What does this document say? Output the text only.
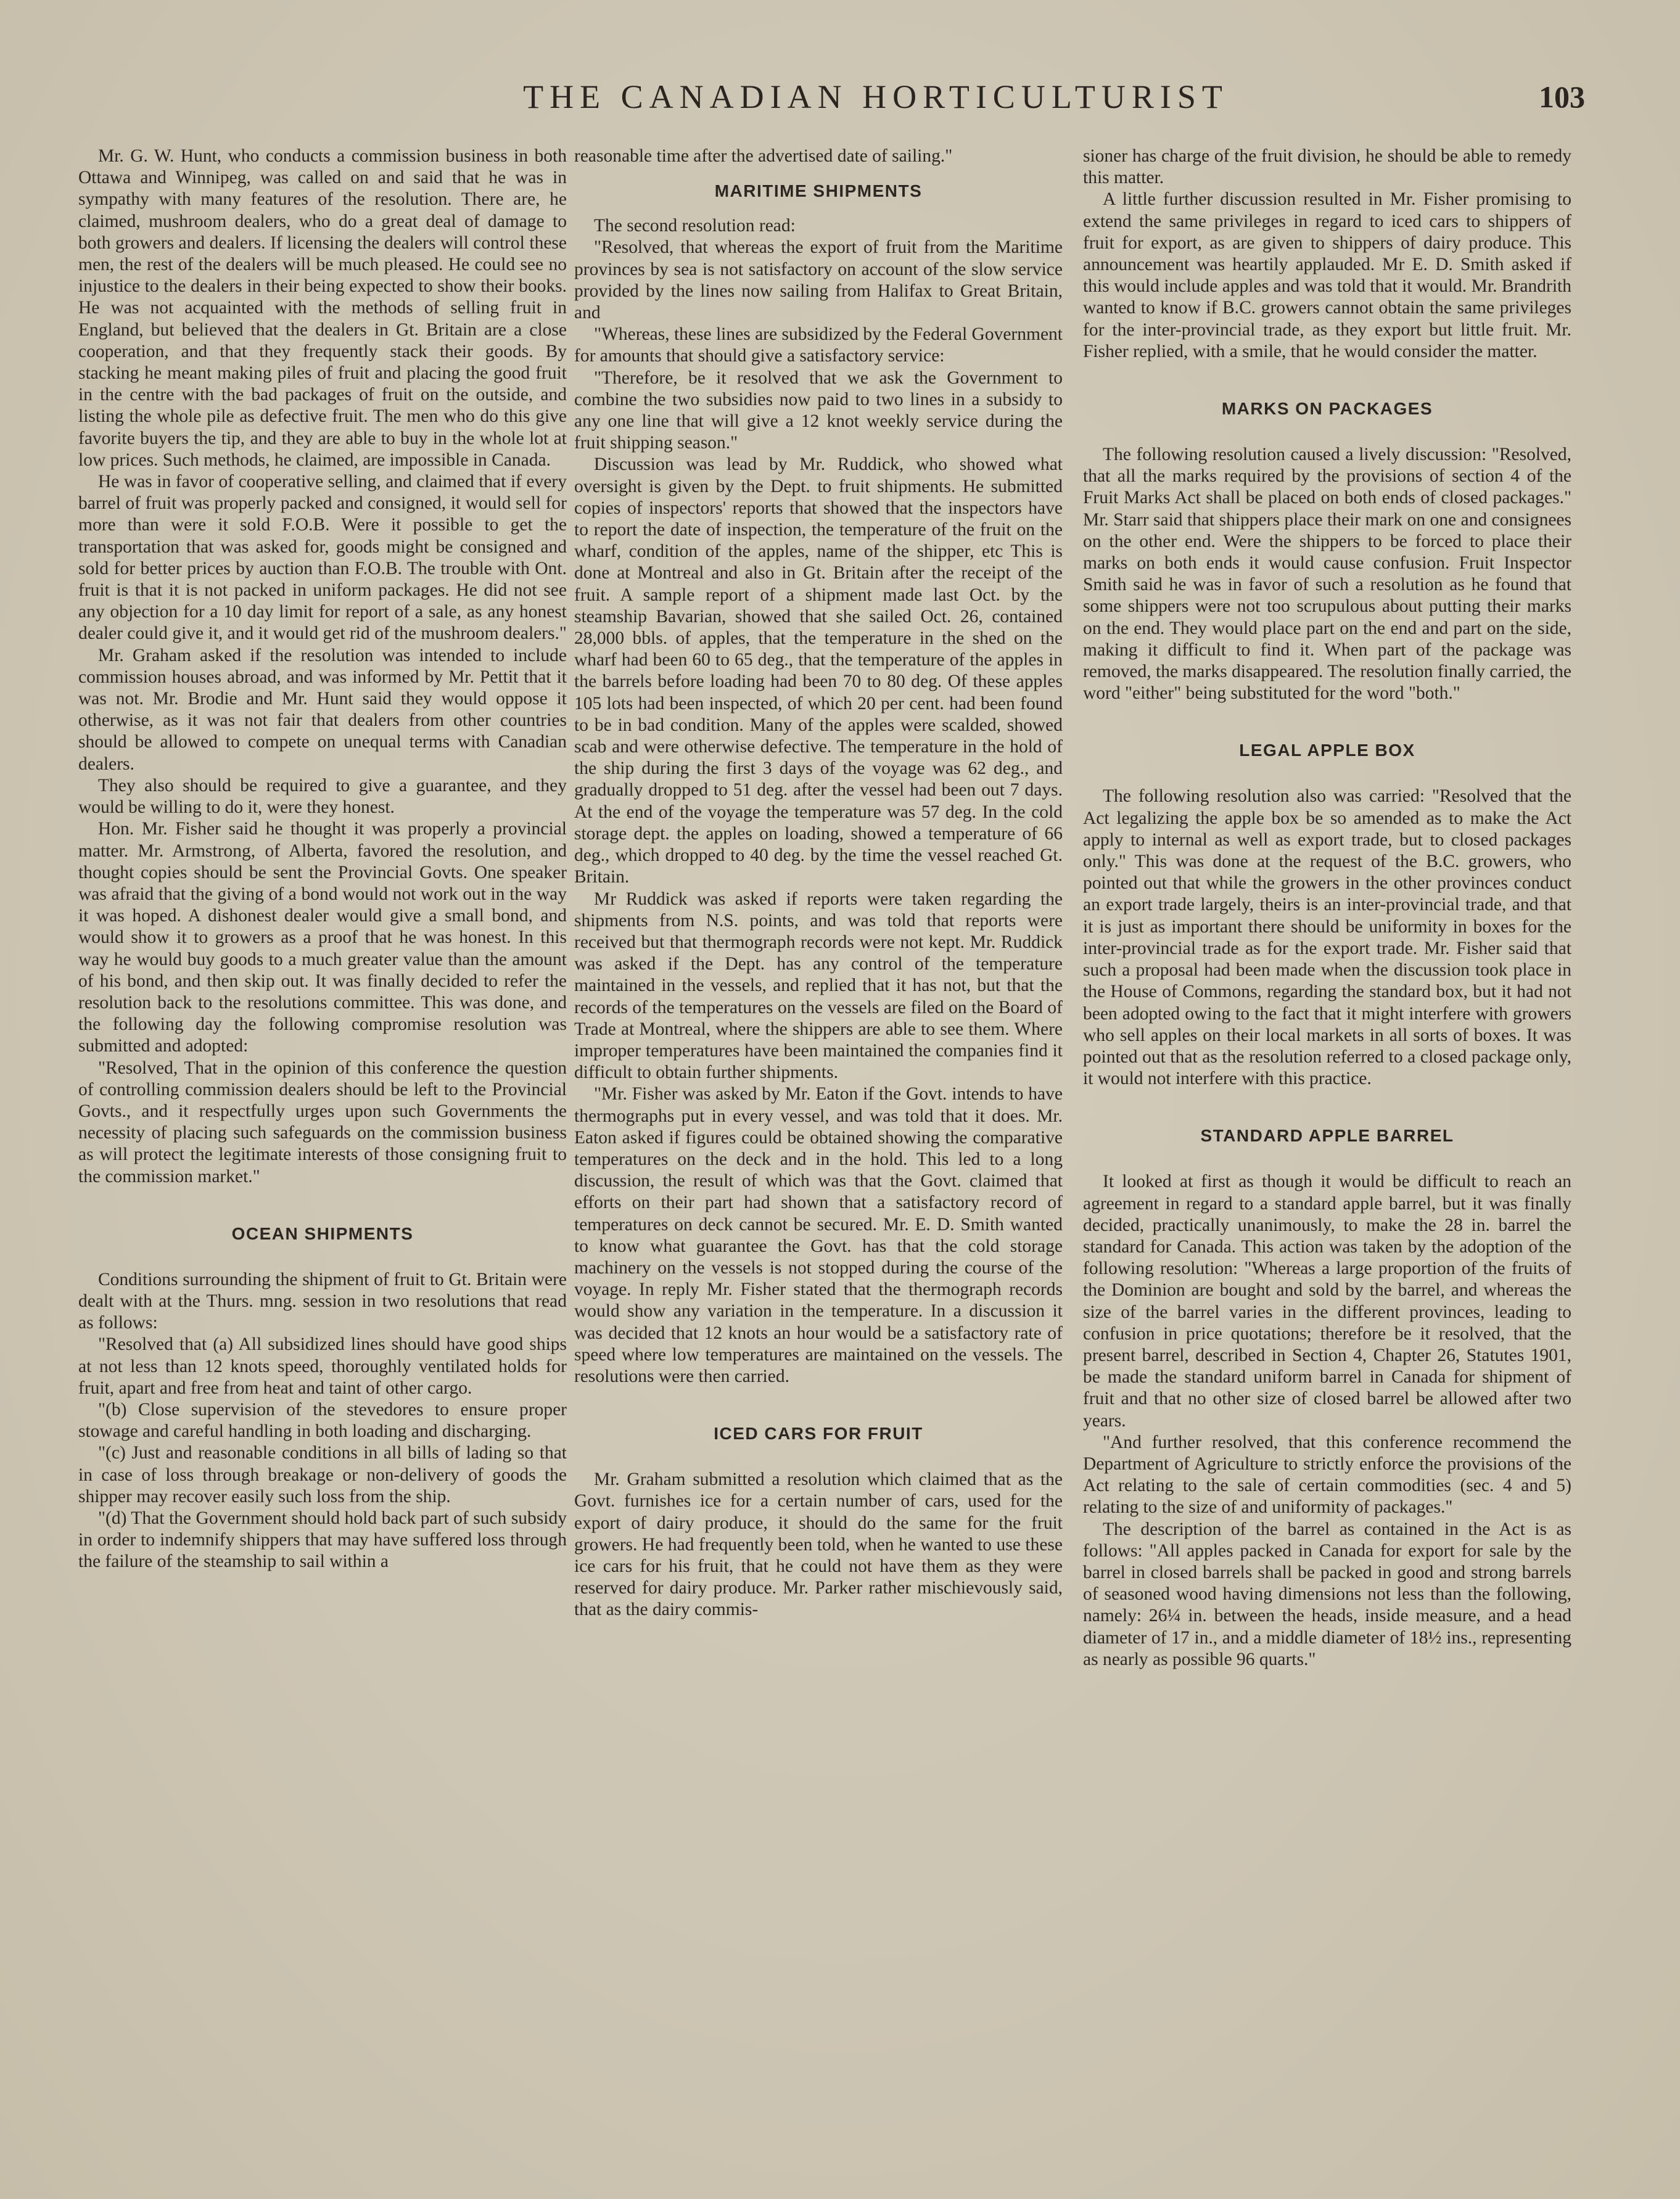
THE CANADIAN HORTICULTURIST	103

Mr. G. W. Hunt, who conducts a commission business in both Ottawa and Winnipeg, was called on and said that he was in sympathy with many features of the resolution. There are, he claimed, mushroom dealers, who do a great deal of damage to both growers and dealers. If licensing the dealers will control these men, the rest of the dealers will be much pleased. He could see no injustice to the dealers in their being expected to show their books. He was not acquainted with the methods of selling fruit in England, but believed that the dealers in Gt. Britain are a close cooperation, and that they frequently stack their goods. By stacking he meant making piles of fruit and placing the good fruit in the centre with the bad packages of fruit on the outside, and listing the whole pile as defective fruit. The men who do this give favorite buyers the tip, and they are able to buy in the whole lot at low prices. Such methods, he claimed, are impossible in Canada.

He was in favor of cooperative selling, and claimed that if every barrel of fruit was properly packed and consigned, it would sell for more than were it sold F.O.B. Were it possible to get the transportation that was asked for, goods might be consigned and sold for better prices by auction than F.O.B. The trouble with Ont. fruit is that it is not packed in uniform packages. He did not see any objection for a 10 day limit for report of a sale, as any honest dealer could give it, and it would get rid of the mushroom dealers."

Mr. Graham asked if the resolution was intended to include commission houses abroad, and was informed by Mr. Pettit that it was not. Mr. Brodie and Mr. Hunt said they would oppose it otherwise, as it was not fair that dealers from other countries should be allowed to compete on unequal terms with Canadian dealers.

They also should be required to give a guarantee, and they would be willing to do it, were they honest.

Hon. Mr. Fisher said he thought it was properly a provincial matter. Mr. Armstrong, of Alberta, favored the resolution, and thought copies should be sent the Provincial Govts. One speaker was afraid that the giving of a bond would not work out in the way it was hoped. A dishonest dealer would give a small bond, and would show it to growers as a proof that he was honest. In this way he would buy goods to a much greater value than the amount of his bond, and then skip out. It was finally decided to refer the resolution back to the resolutions committee. This was done, and the following day the following compromise resolution was submitted and adopted:

"Resolved, That in the opinion of this conference the question of controlling commission dealers should be left to the Provincial Govts., and it respectfully urges upon such Governments the necessity of placing such safeguards on the commission business as will protect the legitimate interests of those consigning fruit to the commission market."

OCEAN SHIPMENTS

Conditions surrounding the shipment of fruit to Gt. Britain were dealt with at the Thurs. mng. session in two resolutions that read as follows:

"Resolved that (a) All subsidized lines should have good ships at not less than 12 knots speed, thoroughly ventilated holds for fruit, apart and free from heat and taint of other cargo.

"(b) Close supervision of the stevedores to ensure proper stowage and careful handling in both loading and discharging.

"(c) Just and reasonable conditions in all bills of lading so that in case of loss through breakage or non-delivery of goods the shipper may recover easily such loss from the ship.

"(d) That the Government should hold back part of such subsidy in order to indemnify shippers that may have suffered loss through the failure of the steamship to sail within a

reasonable time after the advertised date of sailing."

MARITIME SHIPMENTS

The second resolution read:

"Resolved, that whereas the export of fruit from the Maritime provinces by sea is not satisfactory on account of the slow service provided by the lines now sailing from Halifax to Great Britain, and

"Whereas, these lines are subsidized by the Federal Government for amounts that should give a satisfactory service:

"Therefore, be it resolved that we ask the Government to combine the two subsidies now paid to two lines in a subsidy to any one line that will give a 12 knot weekly service during the fruit shipping season."

Discussion was lead by Mr. Ruddick, who showed what oversight is given by the Dept. to fruit shipments. He submitted copies of inspectors' reports that showed that the inspectors have to report the date of inspection, the temperature of the fruit on the wharf, condition of the apples, name of the shipper, etc This is done at Montreal and also in Gt. Britain after the receipt of the fruit. A sample report of a shipment made last Oct. by the steamship Bavarian, showed that she sailed Oct. 26, contained 28,000 bbls. of apples, that the temperature in the shed on the wharf had been 60 to 65 deg., that the temperature of the apples in the barrels before loading had been 70 to 80 deg. Of these apples 105 lots had been inspected, of which 20 per cent. had been found to be in bad condition. Many of the apples were scalded, showed scab and were otherwise defective. The temperature in the hold of the ship during the first 3 days of the voyage was 62 deg., and gradually dropped to 51 deg. after the vessel had been out 7 days. At the end of the voyage the temperature was 57 deg. In the cold storage dept. the apples on loading, showed a temperature of 66 deg., which dropped to 40 deg. by the time the vessel reached Gt. Britain.

Mr Ruddick was asked if reports were taken regarding the shipments from N.S. points, and was told that reports were received but that thermograph records were not kept. Mr. Ruddick was asked if the Dept. has any control of the temperature maintained in the vessels, and replied that it has not, but that the records of the temperatures on the vessels are filed on the Board of Trade at Montreal, where the shippers are able to see them. Where improper temperatures have been maintained the companies find it difficult to obtain further shipments.

"Mr. Fisher was asked by Mr. Eaton if the Govt. intends to have thermographs put in every vessel, and was told that it does. Mr. Eaton asked if figures could be obtained showing the comparative temperatures on the deck and in the hold. This led to a long discussion, the result of which was that the Govt. claimed that efforts on their part had shown that a satisfactory record of temperatures on deck cannot be secured. Mr. E. D. Smith wanted to know what guarantee the Govt. has that the cold storage machinery on the vessels is not stopped during the course of the voyage. In reply Mr. Fisher stated that the thermograph records would show any variation in the temperature. In a discussion it was decided that 12 knots an hour would be a satisfactory rate of speed where low temperatures are maintained on the vessels. The resolutions were then carried.

ICED CARS FOR FRUIT

Mr. Graham submitted a resolution which claimed that as the Govt. furnishes ice for a certain number of cars, used for the export of dairy produce, it should do the same for the fruit growers. He had frequently been told, when he wanted to use these ice cars for his fruit, that he could not have them as they were reserved for dairy produce. Mr. Parker rather mischievously said, that as the dairy commis-

sioner has charge of the fruit division, he should be able to remedy this matter.

A little further discussion resulted in Mr. Fisher promising to extend the same privileges in regard to iced cars to shippers of fruit for export, as are given to shippers of dairy produce. This announcement was heartily applauded. Mr E. D. Smith asked if this would include apples and was told that it would. Mr. Brandrith wanted to know if B.C. growers cannot obtain the same privileges for the inter-provincial trade, as they export but little fruit. Mr. Fisher replied, with a smile, that he would consider the matter.

MARKS ON PACKAGES

The following resolution caused a lively discussion: "Resolved, that all the marks required by the provisions of section 4 of the Fruit Marks Act shall be placed on both ends of closed packages." Mr. Starr said that shippers place their mark on one and consignees on the other end. Were the shippers to be forced to place their marks on both ends it would cause confusion. Fruit Inspector Smith said he was in favor of such a resolution as he found that some shippers were not too scrupulous about putting their marks on the end. They would place part on the end and part on the side, making it difficult to find it. When part of the package was removed, the marks disappeared. The resolution finally carried, the word "either" being substituted for the word "both."

LEGAL APPLE BOX

The following resolution also was carried: "Resolved that the Act legalizing the apple box be so amended as to make the Act apply to internal as well as export trade, but to closed packages only." This was done at the request of the B.C. growers, who pointed out that while the growers in the other provinces conduct an export trade largely, theirs is an inter-provincial trade, and that it is just as important there should be uniformity in boxes for the inter-provincial trade as for the export trade. Mr. Fisher said that such a proposal had been made when the discussion took place in the House of Commons, regarding the standard box, but it had not been adopted owing to the fact that it might interfere with growers who sell apples on their local markets in all sorts of boxes. It was pointed out that as the resolution referred to a closed package only, it would not interfere with this practice.

STANDARD APPLE BARREL

It looked at first as though it would be difficult to reach an agreement in regard to a standard apple barrel, but it was finally decided, practically unanimously, to make the 28 in. barrel the standard for Canada. This action was taken by the adoption of the following resolution: "Whereas a large proportion of the fruits of the Dominion are bought and sold by the barrel, and whereas the size of the barrel varies in the different provinces, leading to confusion in price quotations; therefore be it resolved, that the present barrel, described in Section 4, Chapter 26, Statutes 1901, be made the standard uniform barrel in Canada for shipment of fruit and that no other size of closed barrel be allowed after two years.

"And further resolved, that this conference recommend the Department of Agriculture to strictly enforce the provisions of the Act relating to the sale of certain commodities (sec. 4 and 5) relating to the size of and uniformity of packages."

The description of the barrel as contained in the Act is as follows: "All apples packed in Canada for export for sale by the barrel in closed barrels shall be packed in good and strong barrels of seasoned wood having dimensions not less than the following, namely: 26¼ in. between the heads, inside measure, and a head diameter of 17 in., and a middle diameter of 18½ ins., representing as nearly as possible 96 quarts."
